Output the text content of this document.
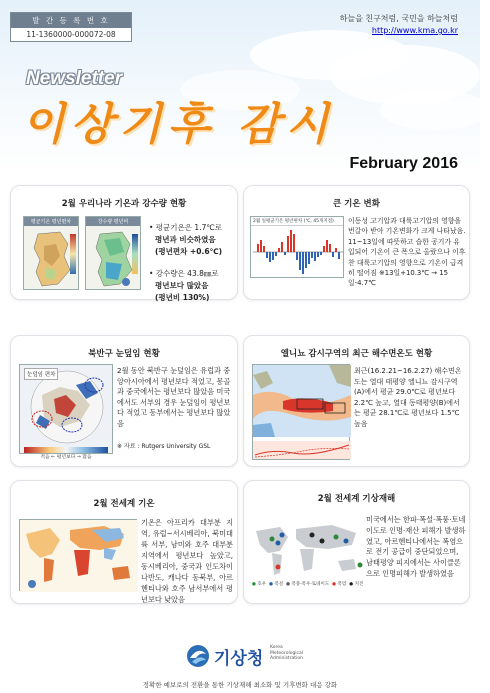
발 간 등 록 번 호
11-1360000-000072-08
하늘을 친구처럼, 국민을 하늘처럼
http://www.kma.go.kr
Newsletter
이상기후 감시
February 2016
2월 우리나라 기온과 강수량 현황
평균기온 평년편차	강수량 평년비
• 평균기온은 1.7℃로
평년과 비슷하였음
(평년편차 +0.6℃)
• 강수량은 43.8㎜로
평년보다 많았음
(평년비 130%)
큰 기온 변화
2월 일평균기온 평년편차 (℃, 45개지점)	이동성 고기압과 대륙고기압의 영향을 번갈아 받아 기온변화가 크게 나타났음. 11~13일에 따뜻하고 습한 공기가 유입되어 기온이 큰 폭으로 올랐으나 이후 찬 대륙고기압의 영향으로 기온이 급격히 떨어짐 ※13일+10.3℃ → 15일-4.7℃
북반구 눈덮임 현황
눈덮임 편차
적음 ← 평년보다 → 많음
2월 동안 북반구 눈덮임은 유럽과 중앙아시아에서 평년보다 적었고, 몽골과 중국에서는 평년보다 많았음 미국에서도 서부의 경우 눈덮임이 평년보다 적었고 동부에서는 평년보다 많았음
※ 자료 : Rutgers University GSL
엘니뇨 감시구역의 최근 해수면온도 현황
최근(16.2.21~16.2.27) 해수면온도는 열대 태평양 엘니뇨 감시구역(A)에서 평균 29.0℃로 평년보다 2.2℃ 높고, 열대 동태평양(B)에서는 평균 28.1℃로 평년보다 1.5℃ 높음
2월 전세계 기온
기온은 아프리카 대부분 지역, 유럽~서시베리아, 북미대륙 서부, 남미와 호주 대부분 지역에서 평년보다 높았고, 동시베리아, 중국과 인도차이나반도, 캐나다 동북부, 아르헨티나와 호주 남서부에서 평년보다 낮았음
2월 전세계 기상재해
● 호우 ● 폭설 ● 폭풍·폭우·토네이도 ● 폭염 ● 지진
미국에서는 한파·폭설·폭풍·토네이도로 인명·재산 피해가 발생하였고, 아르헨티나에서는 폭염으로 전기 공급이 중단되었으며, 남태평양 피지에서는 사이클론으로 인명피해가 발생하였음
기상청
Korea
Meteorological
Administration
정확한 예보로의 전환을 통한 기상재해 최소화 및 기후변화 대응 강화
